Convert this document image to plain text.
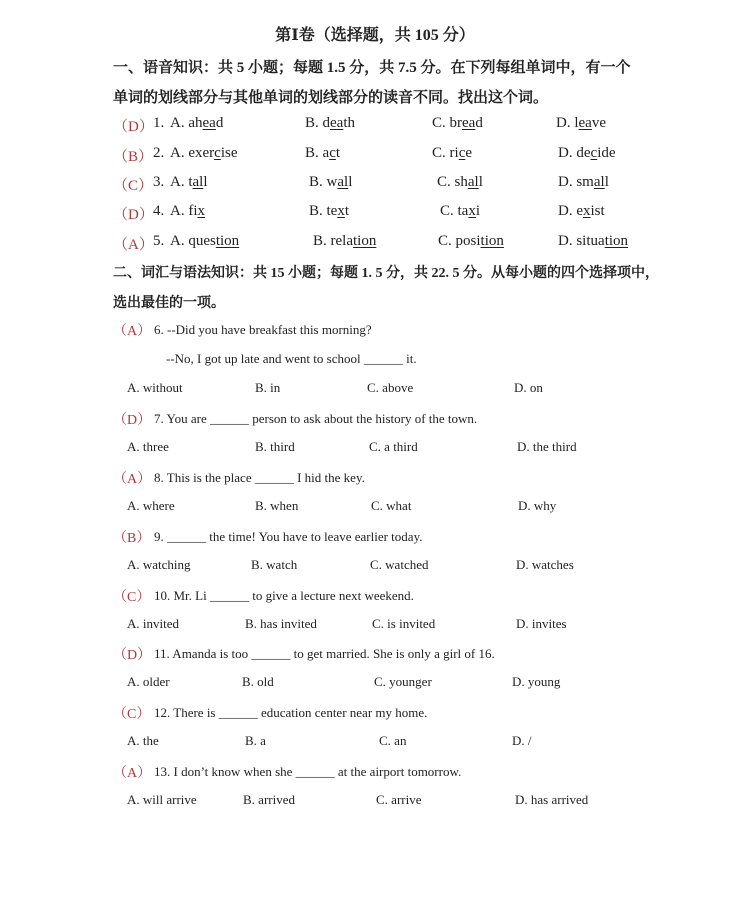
第Ⅰ卷（选择题，共 105 分）
一、语音知识：共 5 小题；每题 1.5 分，共 7.5 分。在下列每组单词中，有一个
单词的划线部分与其他单词的划线部分的读音不同。找出这个词。
（D） 1. A. ahead	B. death	C. bread	D. leave
（B） 2. A. exercise	B. act	C. rice	D. decide
（C） 3. A. tall	B. wall	C. shall	D. small
（D） 4. A. fix	B. text	C. taxi	D. exist
（A） 5. A. question	B. relation	C. position	D. situation
二、词汇与语法知识：共 15 小题；每题 1. 5 分，共 22. 5 分。从每小题的四个选择项中，
选出最佳的一项。
（A） 6. --Did you have breakfast this morning?
--No, I got up late and went to school ______ it.
A. without	B. in	C. above	D. on
（D） 7. You are ______ person to ask about the history of the town.
A. three	B. third	C. a third	D. the third
（A） 8. This is the place ______ I hid the key.
A. where	B. when	C. what	D. why
（B） 9. ______ the time! You have to leave earlier today.
A. watching	B. watch	C. watched	D. watches
（C） 10. Mr. Li ______ to give a lecture next weekend.
A. invited	B. has invited	C. is invited	D. invites
（D） 11. Amanda is too ______ to get married. She is only a girl of 16.
A. older	B. old	C. younger	D. young
（C） 12. There is ______ education center near my home.
A. the	B. a	C. an	D. /
（A） 13. I don’t know when she ______ at the airport tomorrow.
A. will arrive	B. arrived	C. arrive	D. has arrived
